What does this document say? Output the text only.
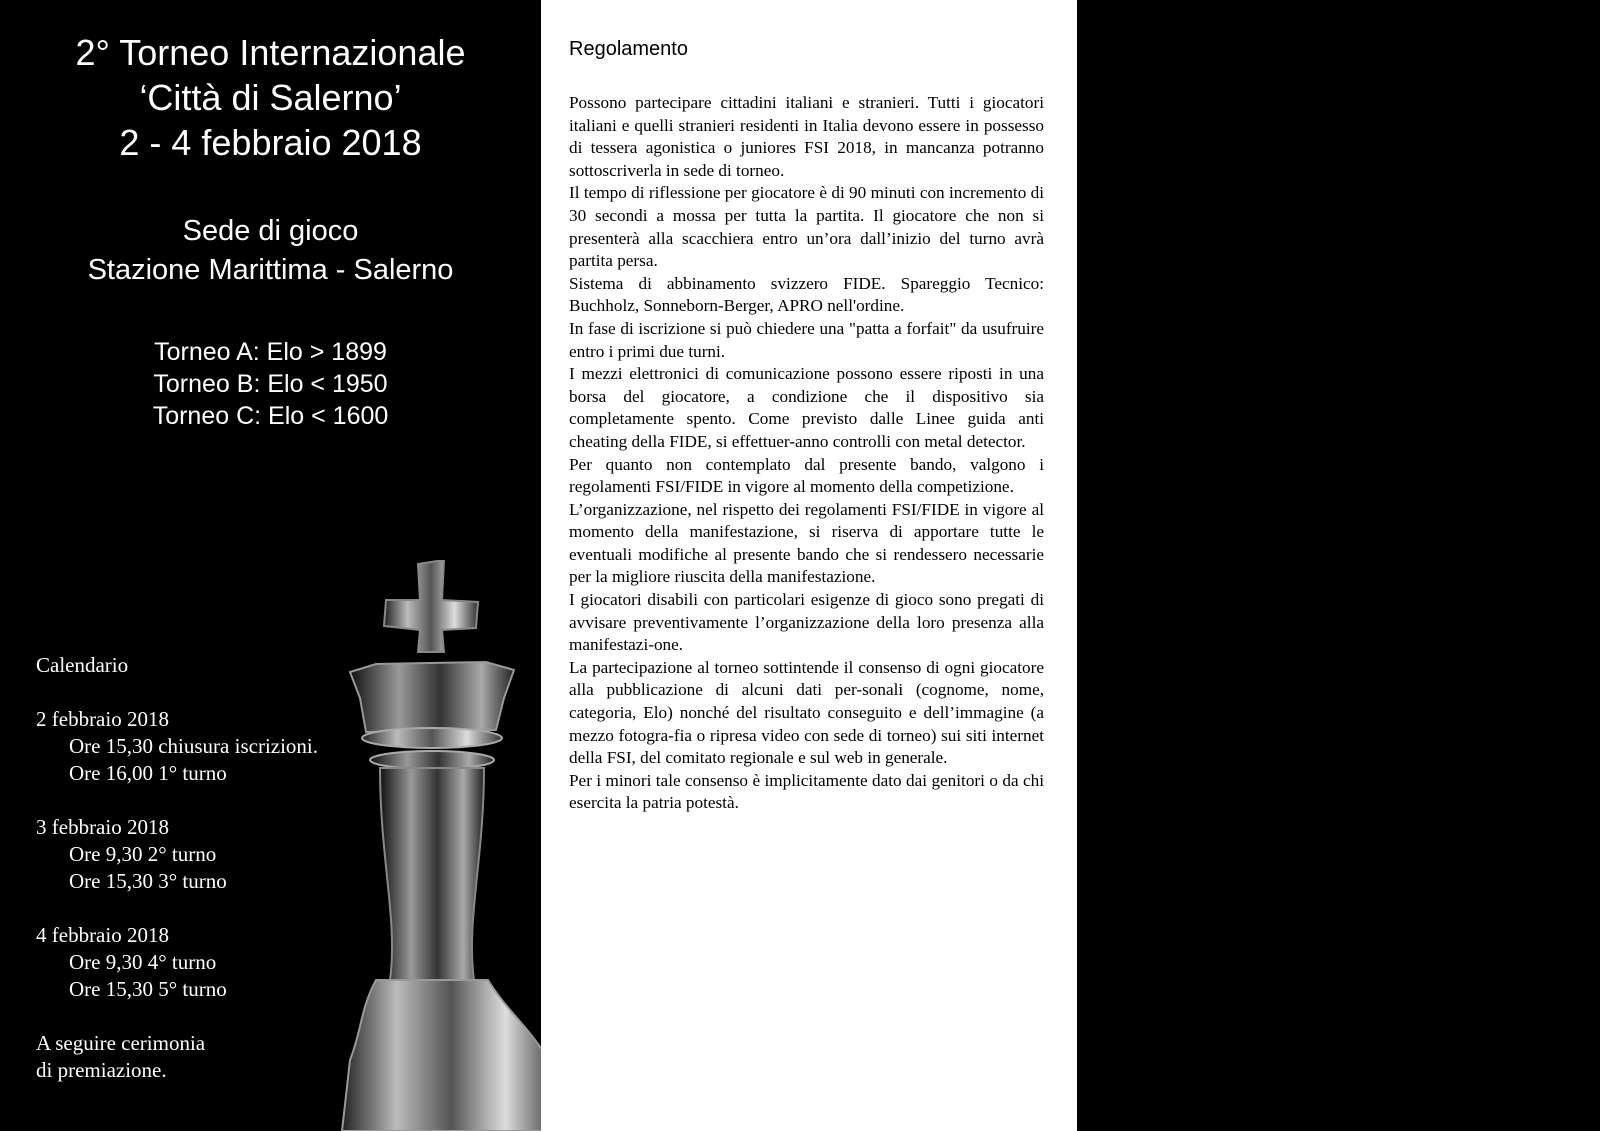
2° Torneo Internazionale
‘Città di Salerno’
2 - 4 febbraio 2018
Sede di gioco
Stazione Marittima - Salerno
Torneo A: Elo > 1899
Torneo B: Elo < 1950
Torneo C: Elo < 1600
Calendario
2 febbraio 2018
Ore 15,30 chiusura iscrizioni.
Ore 16,00 1° turno
3 febbraio 2018
Ore 9,30 2° turno
Ore 15,30 3° turno
4 febbraio 2018
Ore 9,30 4° turno
Ore 15,30 5° turno
A seguire cerimonia
di premiazione.
Regolamento

Possono partecipare cittadini italiani e stranieri. Tutti i giocatori italiani e quelli stranieri residenti in Italia devono essere in possesso di tessera agonistica o juniores FSI 2018, in mancanza potranno sottoscriverla in sede di torneo.

Il tempo di riflessione per giocatore è di 90 minuti con incremento di 30 secondi a mossa per tutta la partita. Il giocatore che non si presenterà alla scacchiera entro un’ora dall’inizio del turno avrà partita persa.

Sistema di abbinamento svizzero FIDE. Spareggio Tecnico: Buchholz, Sonneborn-Berger, APRO nell'ordine.

In fase di iscrizione si può chiedere una "patta a forfait" da usufruire entro i primi due turni.

I mezzi elettronici di comunicazione possono essere riposti in una borsa del giocatore, a condizione che il dispositivo sia completamente spento. Come previsto dalle Linee guida anti cheating della FIDE, si effettuer-anno controlli con metal detector.

Per quanto non contemplato dal presente bando, valgono i regolamenti FSI/FIDE in vigore al momento della competizione.

L’organizzazione, nel rispetto dei regolamenti FSI/FIDE in vigore al momento della manifestazione, si riserva di apportare tutte le eventuali modifiche al presente bando che si rendessero necessarie per la migliore riuscita della manifestazione.

I giocatori disabili con particolari esigenze di gioco sono pregati di avvisare preventivamente l’organizzazione della loro presenza alla manifestazi-one.

La partecipazione al torneo sottintende il consenso di ogni giocatore alla pubblicazione di alcuni dati per-sonali (cognome, nome, categoria, Elo) nonché del risultato conseguito e dell’immagine (a mezzo fotogra-fia o ripresa video con sede di torneo) sui siti internet della FSI, del comitato regionale e sul web in generale.

Per i minori tale consenso è implicitamente dato dai genitori o da chi esercita la patria potestà.

Rimborsi spese
Torneo A:
1° posto 700 €
2° posto 500 €
3° posto 350 €
4° posto 250 €
5° posto 100 €
Torneo B:
1° posto 300 €
2° posto 200 €
3°posto 100 €
1° fascia fino a Elo 1700: 100 €
2° fascia fino a Elo 1700: 50 €
Torneo C:
1° posto 150 €
2° posto 100 €
3° posto 50 €
1° under 16 50 €
Contributo organizzativo
Per tutti i tornei € 45
con Elo > 2300_25 €
Donne e under 16_30 €
Under 14_20 €

La prescrizione è obbligatoria entro le ore 24 del 1 febbraio 2018 su vesus.org.

L’iscrizione in sede di torneo senza prescrizione - fatto salvo la disponibilità di posti - comporta una maggiora-zione di € 10.

Il giocatore che desidera entrare in torneo dopo il 1° turno deve darne preventiva comunicazione telefonica o Email e, in ogni caso, completare l’iscrizione in sala gioco prima del turno.
